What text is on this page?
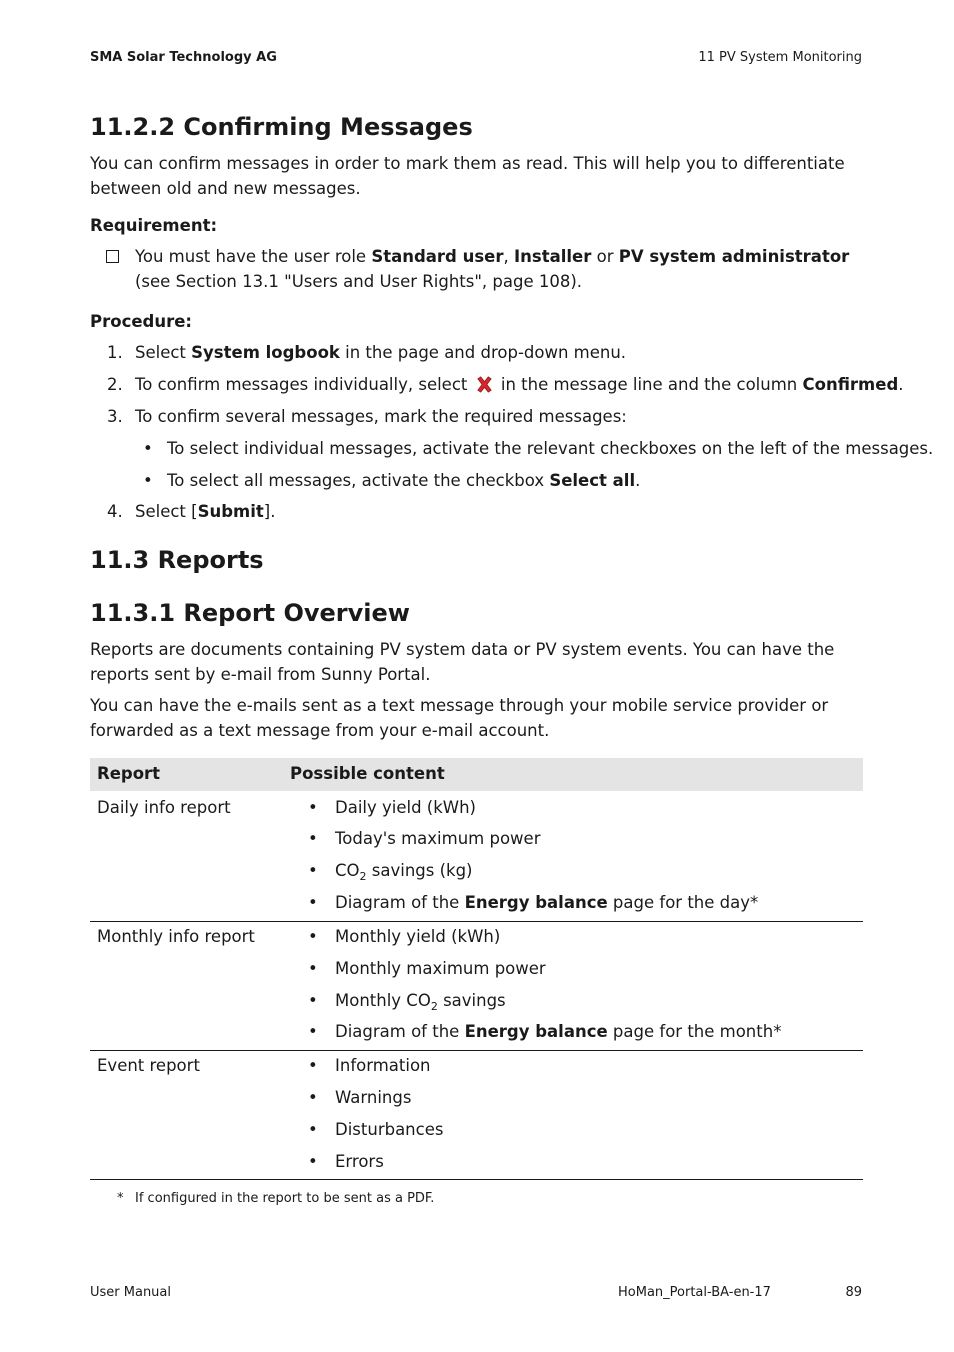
SMA Solar Technology AG	11 PV System Monitoring
11.2.2 Confirming Messages

You can confirm messages in order to mark them as read. This will help you to differentiate between old and new messages.

Requirement:
You must have the user role Standard user, Installer or PV system administrator
(see Section 13.1 "Users and User Rights", page 108).
Procedure:
1. Select System logbook in the page and drop-down menu.
2. To confirm messages individually, select  in the message line and the column Confirmed.
3. To confirm several messages, mark the required messages:
• To select individual messages, activate the relevant checkboxes on the left of the messages.
• To select all messages, activate the checkbox Select all.
4. Select [Submit].
11.3 Reports
11.3.1 Report Overview

Reports are documents containing PV system data or PV system events. You can have the reports sent by e-mail from Sunny Portal.

You can have the e-mails sent as a text message through your mobile service provider or forwarded as a text message from your e-mail account.

Report	Possible content
Daily info report	• Daily yield (kWh)
• Today's maximum power
• $CO_2$ savings (kg)
• Diagram of the Energy balance page for the day*
Monthly info report	• Monthly yield (kWh)
• Monthly maximum power
• Monthly $CO_2$ savings
• Diagram of the Energy balance page for the month*
Event report	• Information
• Warnings
• Disturbances
• Errors
* If configured in the report to be sent as a PDF.
User Manual	HoMan_Portal-BA-en-17	89
